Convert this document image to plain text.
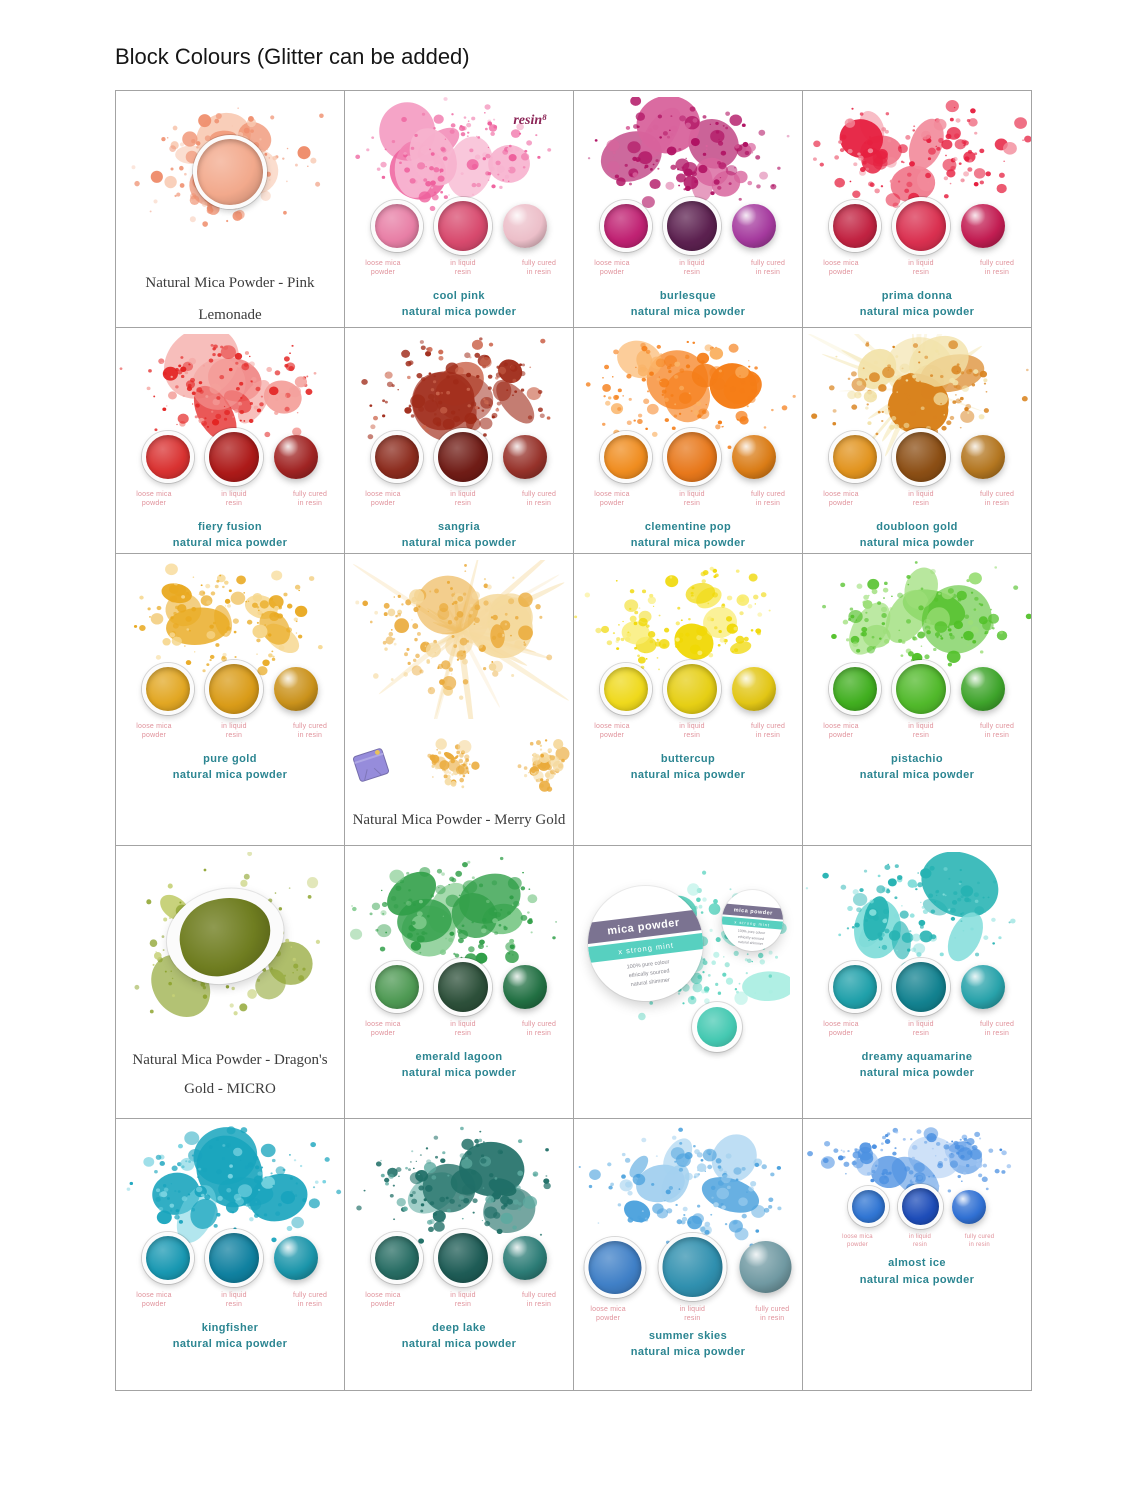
Block Colours (Glitter can be added)
Natural Mica Powder - Pink
Lemonade
resin⁸
loose mica
powder
in liquid
resin
fully cured
in resin
cool pink
natural mica powder
loose mica
powder
in liquid
resin
fully cured
in resin
burlesque
natural mica powder
loose mica
powder
in liquid
resin
fully cured
in resin
prima donna
natural mica powder
loose mica
powder
in liquid
resin
fully cured
in resin
fiery fusion
natural mica powder
loose mica
powder
in liquid
resin
fully cured
in resin
sangria
natural mica powder
loose mica
powder
in liquid
resin
fully cured
in resin
clementine pop
natural mica powder
loose mica
powder
in liquid
resin
fully cured
in resin
doubloon gold
natural mica powder
loose mica
powder
in liquid
resin
fully cured
in resin
pure gold
natural mica powder
Natural Mica Powder - Merry Gold
loose mica
powder
in liquid
resin
fully cured
in resin
buttercup
natural mica powder
loose mica
powder
in liquid
resin
fully cured
in resin
pistachio
natural mica powder
Natural Mica Powder - Dragon's
Gold - MICRO
loose mica
powder
in liquid
resin
fully cured
in resin
emerald lagoon
natural mica powder
mica powder
x strong mint
100% pure colour
ethically sourced
natural shimmer
mica powder
x strong mint
100% pure colour
ethically sourced
natural shimmer
loose mica
powder
in liquid
resin
fully cured
in resin
dreamy aquamarine
natural mica powder
loose mica
powder
in liquid
resin
fully cured
in resin
kingfisher
natural mica powder
loose mica
powder
in liquid
resin
fully cured
in resin
deep lake
natural mica powder
loose mica
powder
in liquid
resin
fully cured
in resin
summer skies
natural mica powder
loose mica
powder
in liquid
resin
fully cured
in resin
almost ice
natural mica powder
